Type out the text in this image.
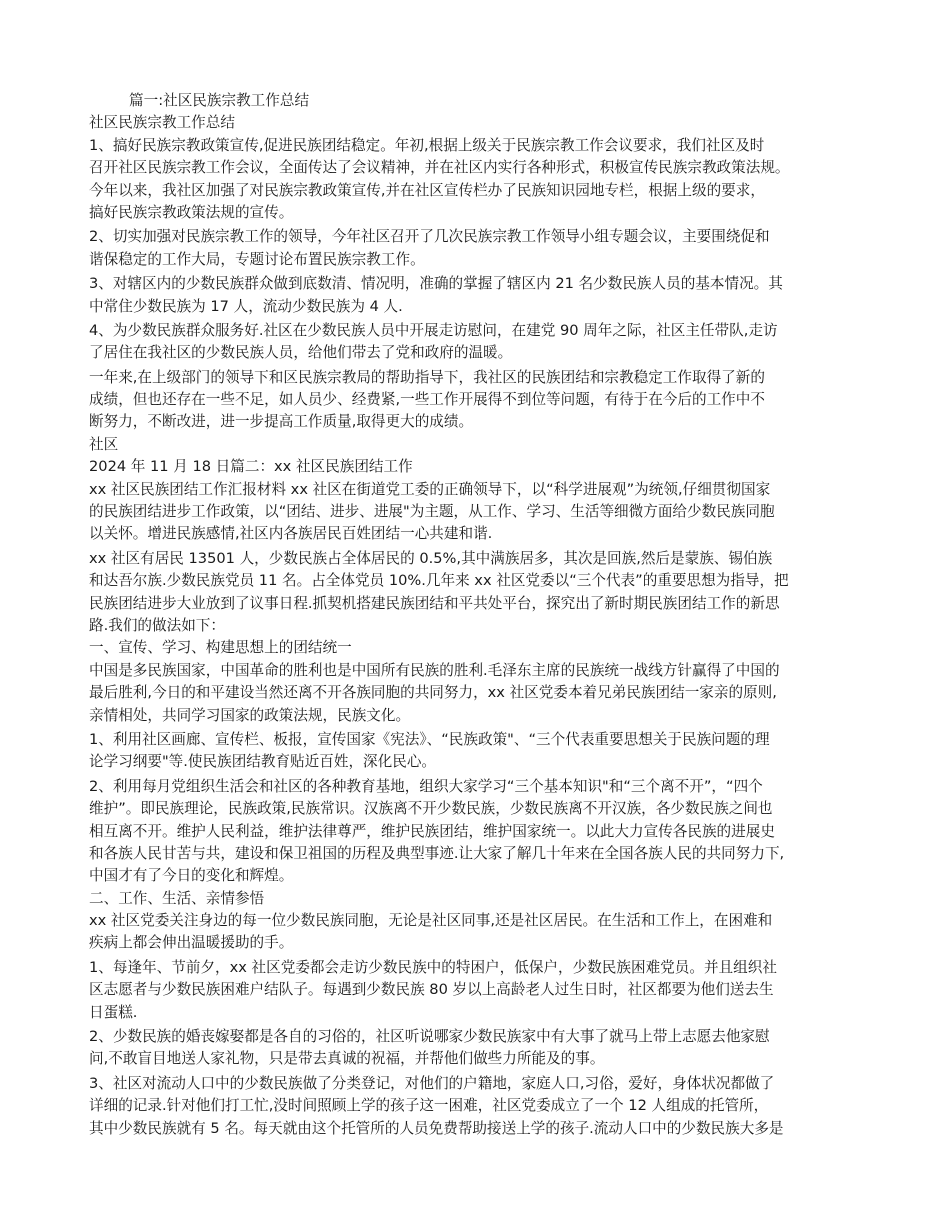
篇一:社区民族宗教工作总结
社区民族宗教工作总结
1、搞好民族宗教政策宣传,促进民族团结稳定。年初,根据上级关于民族宗教工作会议要求，我们社区及时
召开社区民族宗教工作会议，全面传达了会议精神，并在社区内实行各种形式，积极宣传民族宗教政策法规。
今年以来，我社区加强了对民族宗教政策宣传,并在社区宣传栏办了民族知识园地专栏，根据上级的要求，
搞好民族宗教政策法规的宣传。
2、切实加强对民族宗教工作的领导，今年社区召开了几次民族宗教工作领导小组专题会议，主要围绕促和
谐保稳定的工作大局，专题讨论布置民族宗教工作。
3、对辖区内的少数民族群众做到底数清、情况明，准确的掌握了辖区内 21 名少数民族人员的基本情况。其
中常住少数民族为 17 人，流动少数民族为 4 人.
4、为少数民族群众服务好.社区在少数民族人员中开展走访慰问，在建党 90 周年之际，社区主任带队,走访
了居住在我社区的少数民族人员，给他们带去了党和政府的温暖。
一年来,在上级部门的领导下和区民族宗教局的帮助指导下，我社区的民族团结和宗教稳定工作取得了新的
成绩，但也还存在一些不足，如人员少、经费紧,一些工作开展得不到位等问题，有待于在今后的工作中不
断努力，不断改进，进一步提高工作质量,取得更大的成绩。
社区
2024 年 11 月 18 日篇二：xx 社区民族团结工作
xx 社区民族团结工作汇报材料 xx 社区在街道党工委的正确领导下，以“科学进展观”为统领,仔细贯彻国家
的民族团结进步工作政策，以“团结、进步、进展"为主题，从工作、学习、生活等细微方面给少数民族同胞
以关怀。增进民族感情,社区内各族居民百姓团结一心共建和谐.
xx 社区有居民 13501 人，少数民族占全体居民的 0.5%,其中满族居多，其次是回族,然后是蒙族、锡伯族
和达吾尔族.少数民族党员 11 名。占全体党员 10%.几年来 xx 社区党委以“三个代表”的重要思想为指导，把
民族团结进步大业放到了议事日程.抓契机搭建民族团结和平共处平台，探究出了新时期民族团结工作的新思
路.我们的做法如下：
一、宣传、学习、构建思想上的团结统一
中国是多民族国家，中国革命的胜利也是中国所有民族的胜利.毛泽东主席的民族统一战线方针赢得了中国的
最后胜利,今日的和平建设当然还离不开各族同胞的共同努力，xx 社区党委本着兄弟民族团结一家亲的原则,
亲情相处，共同学习国家的政策法规，民族文化。
1、利用社区画廊、宣传栏、板报，宣传国家《宪法》、“民族政策"、“三个代表重要思想关于民族问题的理
论学习纲要"等.使民族团结教育贴近百姓，深化民心。
2、利用每月党组织生活会和社区的各种教育基地，组织大家学习“三个基本知识"和“三个离不开”，“四个
维护”。即民族理论，民族政策,民族常识。汉族离不开少数民族，少数民族离不开汉族，各少数民族之间也
相互离不开。维护人民利益，维护法律尊严，维护民族团结，维护国家统一。以此大力宣传各民族的进展史
和各族人民甘苦与共，建设和保卫祖国的历程及典型事迹.让大家了解几十年来在全国各族人民的共同努力下,
中国才有了今日的变化和辉煌。
二、工作、生活、亲情参悟
xx 社区党委关注身边的每一位少数民族同胞，无论是社区同事,还是社区居民。在生活和工作上，在困难和
疾病上都会伸出温暖援助的手。
1、每逢年、节前夕，xx 社区党委都会走访少数民族中的特困户，低保户，少数民族困难党员。并且组织社
区志愿者与少数民族困难户结队子。每遇到少数民族 80 岁以上高龄老人过生日时，社区都要为他们送去生
日蛋糕.
2、少数民族的婚丧嫁娶都是各自的习俗的，社区听说哪家少数民族家中有大事了就马上带上志愿去他家慰
问,不敢盲目地送人家礼物，只是带去真诚的祝福，并帮他们做些力所能及的事。
3、社区对流动人口中的少数民族做了分类登记，对他们的户籍地，家庭人口,习俗，爱好，身体状况都做了
详细的记录.针对他们打工忙,没时间照顾上学的孩子这一困难，社区党委成立了一个 12 人组成的托管所，
其中少数民族就有 5 名。每天就由这个托管所的人员免费帮助接送上学的孩子.流动人口中的少数民族大多是
